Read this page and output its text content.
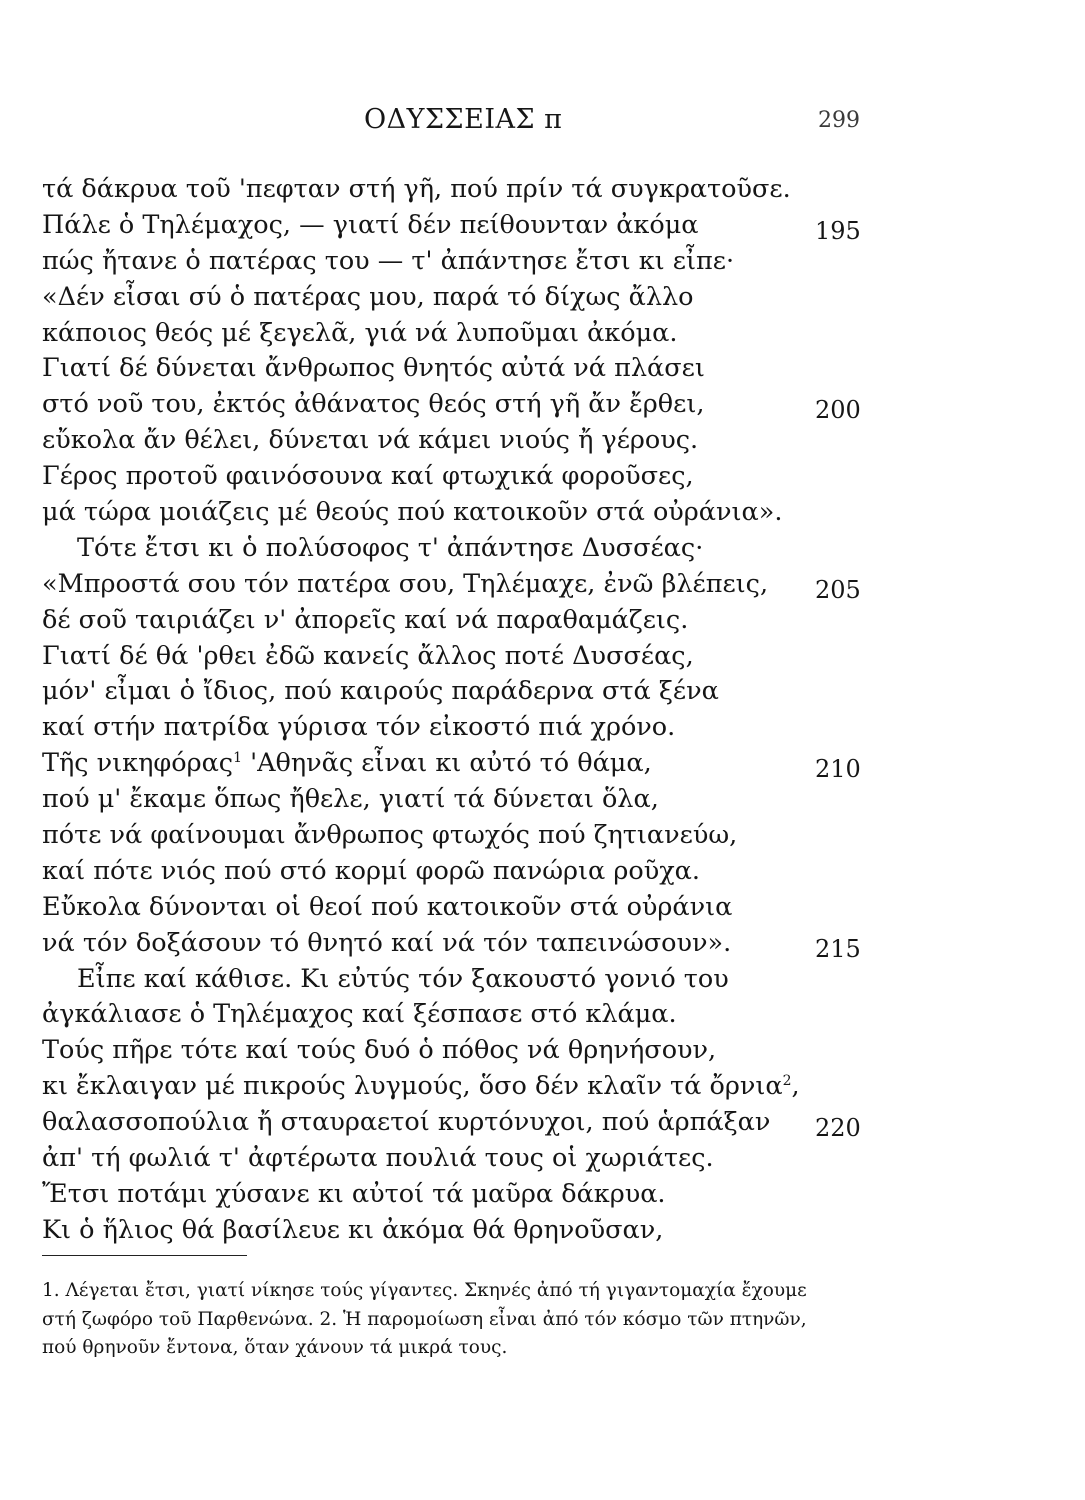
ΟΔΥΣΣΕΙΑΣ π	299
τά δάκρυα τοῦ 'πεφταν στή γῆ, πού πρίν τά συγκρατοῦσε.
Πάλε ὁ Τηλέμαχος, — γιατί δέν πείθουνταν ἀκόμα	195
πώς ἤτανε ὁ πατέρας του — τ' ἀπάντησε ἔτσι κι εἶπε·
«Δέν εἶσαι σύ ὁ πατέρας μου, παρά τό δίχως ἄλλο
κάποιος θεός μέ ξεγελᾶ, γιά νά λυποῦμαι ἀκόμα.
Γιατί δέ δύνεται ἄνθρωπος θνητός αὐτά νά πλάσει
στό νοῦ του, ἐκτός ἀθάνατος θεός στή γῆ ἄν ἔρθει,	200
εὔκολα ἄν θέλει, δύνεται νά κάμει νιούς ἤ γέρους.
Γέρος προτοῦ φαινόσουνα καί φτωχικά φοροῦσες,
μά τώρα μοιάζεις μέ θεούς πού κατοικοῦν στά οὐράνια».
Τότε ἔτσι κι ὁ πολύσοφος τ' ἀπάντησε Δυσσέας·
«Μπροστά σου τόν πατέρα σου, Τηλέμαχε, ἐνῶ βλέπεις, 205
δέ σοῦ ταιριάζει ν' ἀπορεῖς καί νά παραθαμάζεις.
Γιατί δέ θά 'ρθει ἐδῶ κανείς ἄλλος ποτέ Δυσσέας,
μόν' εἶμαι ὁ ἴδιος, πού καιρούς παράδερνα στά ξένα
καί στήν πατρίδα γύρισα τόν εἰκοστό πιά χρόνο.
Τῆς νικηφόρας$^1$ 'Αθηνᾶς εἶναι κι αὐτό τό θάμα,	210
πού μ' ἔκαμε ὅπως ἤθελε, γιατί τά δύνεται ὅλα,
πότε νά φαίνουμαι ἄνθρωπος φτωχός πού ζητιανεύω,
καί πότε νιός πού στό κορμί φορῶ πανώρια ροῦχα.
Εὔκολα δύνονται οἱ θεοί πού κατοικοῦν στά οὐράνια
νά τόν δοξάσουν τό θνητό καί νά τόν ταπεινώσουν».	215
Εἶπε καί κάθισε. Κι εὐτύς τόν ξακουστό γονιό του
ἀγκάλιασε ὁ Τηλέμαχος καί ξέσπασε στό κλάμα.
Τούς πῆρε τότε καί τούς δυό ὁ πόθος νά θρηνήσουν,
κι ἔκλαιγαν μέ πικρούς λυγμούς, ὅσο δέν κλαῖν τά ὄρνια$^2$,
θαλασσοπούλια ἤ σταυραετοί κυρτόνυχοι, πού ἁρπάξαν 220
ἀπ' τή φωλιά τ' ἀφτέρωτα πουλιά τους οἱ χωριάτες.
Ἔτσι ποτάμι χύσανε κι αὐτοί τά μαῦρα δάκρυα.
Κι ὁ ἥλιος θά βασίλευε κι ἀκόμα θά θρηνοῦσαν,
1. Λέγεται ἔτσι, γιατί νίκησε τούς γίγαντες. Σκηνές ἀπό τή γιγαντομαχία ἔχουμε
στή ζωφόρο τοῦ Παρθενώνα. 2. Ἡ παρομοίωση εἶναι ἀπό τόν κόσμο τῶν πτηνῶν,
πού θρηνοῦν ἔντονα, ὅταν χάνουν τά μικρά τους.
